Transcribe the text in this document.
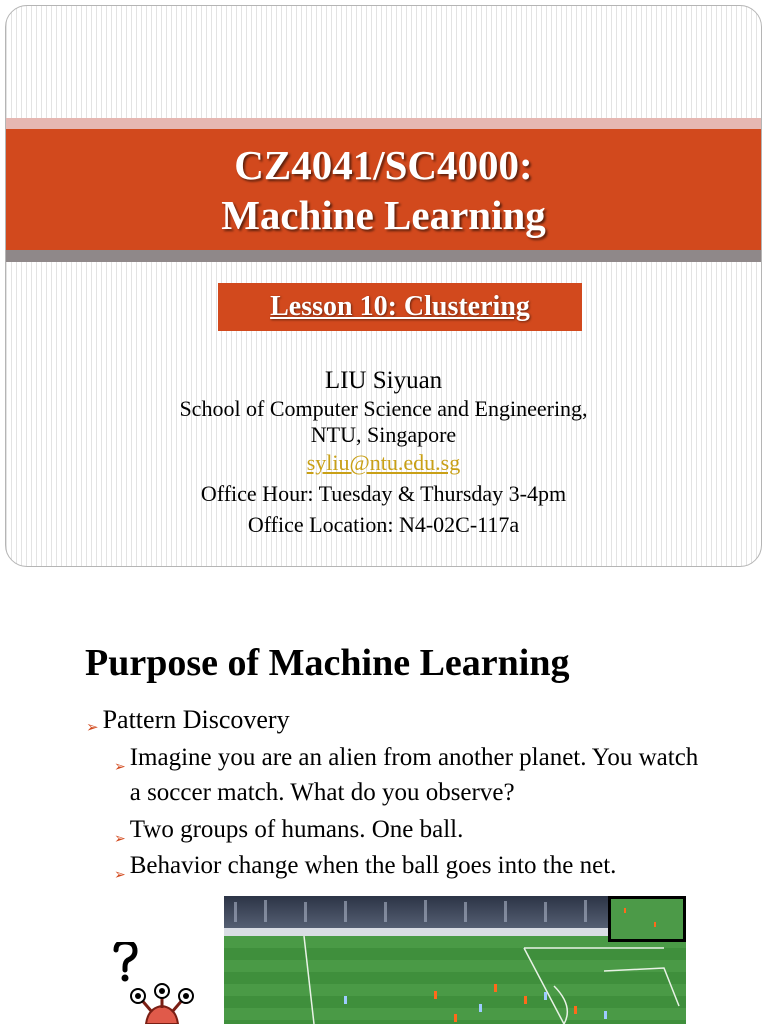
CZ4041/SC4000:
Machine Learning
Lesson 10: Clustering
LIU Siyuan
School of Computer Science and Engineering,
NTU, Singapore
syliu@ntu.edu.sg
Office Hour: Tuesday & Thursday 3-4pm
Office Location: N4-02C-117a
Purpose of Machine Learning
➢ Pattern Discovery
➢ Imagine you are an alien from another planet. You watch a soccer match. What do you observe?
➢ Two groups of humans. One ball.
➢ Behavior change when the ball goes into the net.
